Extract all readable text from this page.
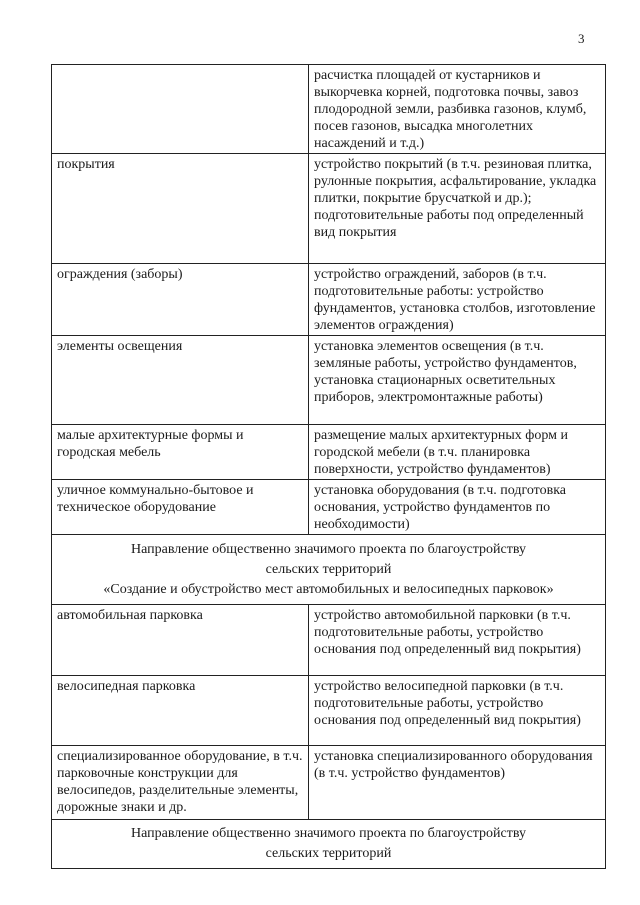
3
	расчистка площадей от кустарников и выкорчевка корней, подготовка почвы, завоз плодородной земли, разбивка газонов, клумб, посев газонов, высадка многолетних насаждений и т.д.)
покрытия	устройство покрытий (в т.ч. резиновая плитка, рулонные покрытия, асфальтирование, укладка плитки, покрытие брусчаткой и др.); подготовительные работы под определенный вид покрытия
ограждения (заборы)	устройство ограждений, заборов (в т.ч. подготовительные работы: устройство фундаментов, установка столбов, изготовление элементов ограждения)
элементы освещения	установка элементов освещения (в т.ч. земляные работы, устройство фундаментов, установка стационарных осветительных приборов, электромонтажные работы)
малые архитектурные формы и городская мебель	размещение малых архитектурных форм и городской мебели (в т.ч. планировка поверхности, устройство фундаментов)
уличное коммунально-бытовое и техническое оборудование	установка оборудования (в т.ч. подготовка основания, устройство фундаментов по необходимости)

Направление общественно значимого проекта по благоустройству
сельских территорий
«Создание и обустройство мест автомобильных и велосипедных парковок»	

автомобильная парковка	устройство автомобильной парковки (в т.ч. подготовительные работы, устройство основания под определенный вид покрытия)
велосипедная парковка	устройство велосипедной парковки (в т.ч. подготовительные работы, устройство основания под определенный вид покрытия)
специализированное оборудование, в т.ч. парковочные конструкции для велосипедов, разделительные элементы, дорожные знаки и др.	установка специализированного оборудования (в т.ч. устройство фундаментов)

Направление общественно значимого проекта по благоустройству
сельских территорий	
